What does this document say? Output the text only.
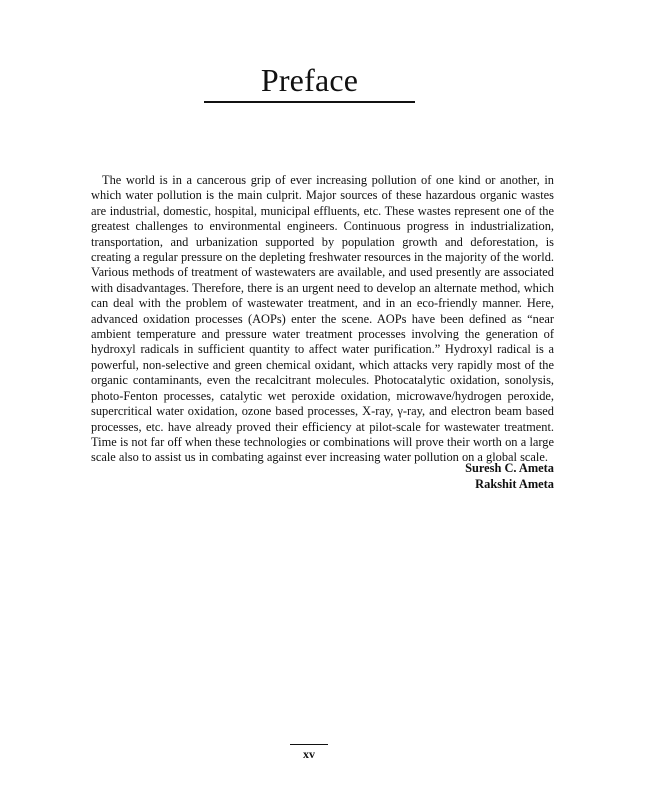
Preface

The world is in a cancerous grip of ever increasing pollution of one kind or another, in which water pollution is the main culprit. Major sources of these hazardous organic wastes are industrial, domestic, hospital, municipal effluents, etc. These wastes represent one of the greatest challenges to environmental engineers. Continuous progress in industrialization, transportation, and urbanization supported by population growth and deforestation, is creating a regular pressure on the depleting freshwater resources in the majority of the world. Various methods of treatment of wastewaters are available, and used presently are associated with disadvantages. Therefore, there is an urgent need to develop an alternate method, which can deal with the problem of wastewater treatment, and in an eco-friendly manner. Here, advanced oxidation processes (AOPs) enter the scene. AOPs have been defined as “near ambient temperature and pressure water treatment processes involving the generation of hydroxyl radicals in sufficient quantity to affect water purification.” Hydroxyl radical is a powerful, non-selective and green chemical oxidant, which attacks very rapidly most of the organic contaminants, even the recalcitrant molecules. Photocatalytic oxidation, sonolysis, photo-Fenton processes, catalytic wet peroxide oxidation, microwave/hydrogen peroxide, supercritical water oxidation, ozone based processes, X-ray, γ-ray, and electron beam based processes, etc. have already proved their efficiency at pilot-scale for wastewater treatment. Time is not far off when these technologies or combinations will prove their worth on a large scale also to assist us in combating against ever increasing water pollution on a global scale.

Suresh C. Ameta
Rakshit Ameta
xv
